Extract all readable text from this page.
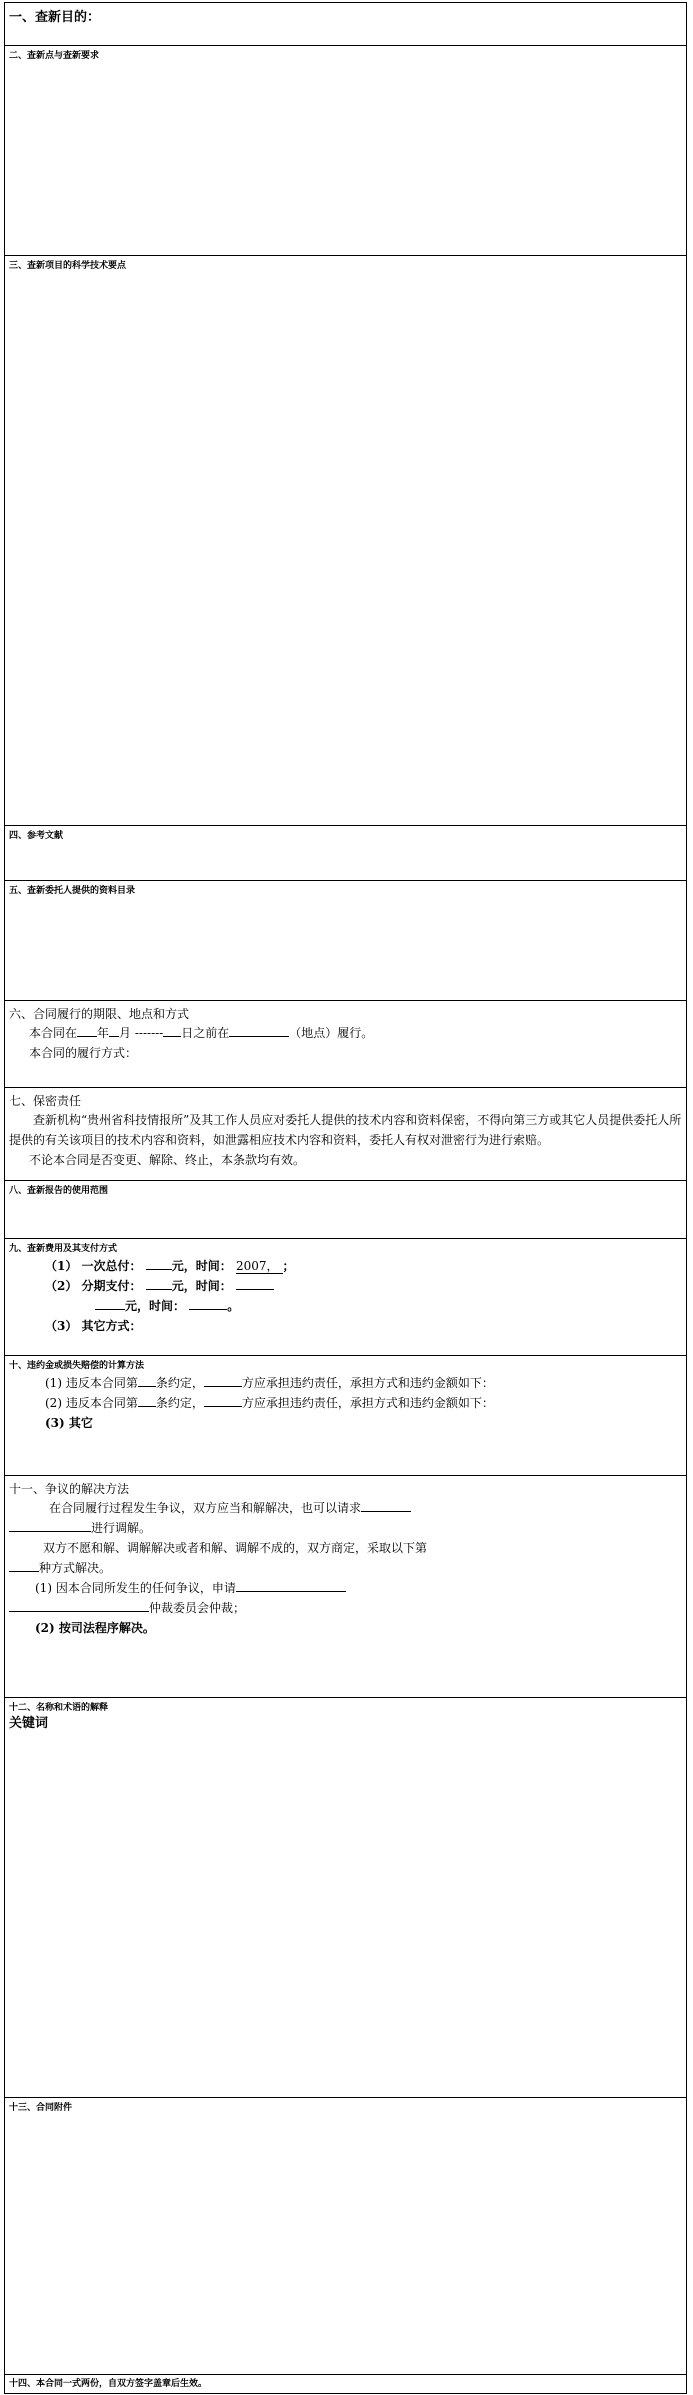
一、查新目的：
二、查新点与查新要求
三、查新项目的科学技术要点
四、参考文献
五、查新委托人提供的资料目录
六、合同履行的期限、地点和方式
本合同在 年 月 ------- 日之前在	（地点）履行。
本合同的履行方式：
七、保密责任
查新机构“贵州省科技情报所”及其工作人员应对委托人提供的技术内容和资料保密，不得向第三方或其它人员提供委托人所提供的有关该项目的技术内容和资料，如泄露相应技术内容和资料，委托人有权对泄密行为进行索赔。
不论本合同是否变更、解除、终止，本条款均有效。
八、查新报告的使用范围
九、查新费用及其支付方式
（1） 一次总付：	元，时间： 2007， ；
（2） 分期支付：	元，时间：
元，时间：	。
（3） 其它方式：
十、违约金或损失赔偿的计算方法
(1) 违反本合同第 条约定，	方应承担违约责任，承担方式和违约金额如下：
(2) 违反本合同第 条约定，	方应承担违约责任，承担方式和违约金额如下：
(3) 其它
十一、争议的解决方法
在合同履行过程发生争议，双方应当和解解决，也可以请求
进行调解。
双方不愿和解、调解解决或者和解、调解不成的，双方商定，采取以下第
种方式解决。
(1) 因本合同所发生的任何争议，申请
仲裁委员会仲裁；
(2) 按司法程序解决。
十二、名称和术语的解释
关键词
十三、合同附件
十四、本合同一式两份，自双方签字盖章后生效。
